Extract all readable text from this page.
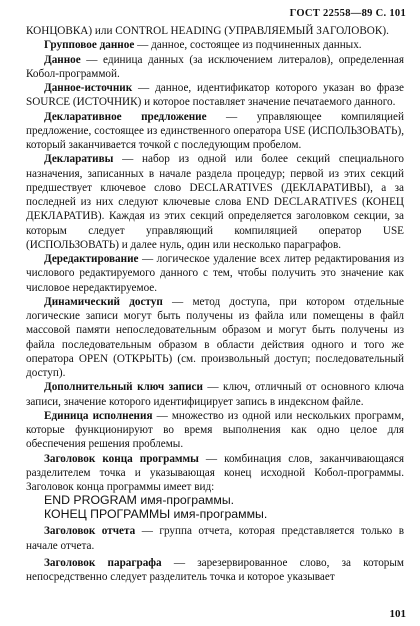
ГОСТ 22558—89 С. 101

КОНЦОВКА) или CONTROL HEADING (УПРАВЛЯЕМЫЙ ЗАГОЛОВОК).

Групповое данное — данное, состоящее из подчиненных данных.

Данное — единица данных (за исключением литералов), определенная Кобол-программой.

Данное-источник — данное, идентификатор которого указан во фразе SOURCE (ИСТОЧНИК) и которое поставляет значение печатаемого данного.

Декларативное предложение — управляющее компиляцией предложение, состоящее из единственного оператора USE (ИСПОЛЬЗОВАТЬ), который заканчивается точкой с последующим пробелом.

Декларативы — набор из одной или более секций специального назначения, записанных в начале раздела процедур; первой из этих секций предшествует ключевое слово DECLARATIVES (ДЕКЛАРАТИВЫ), а за последней из них следуют ключевые слова END DECLARATIVES (КОНЕЦ ДЕКЛАРАТИВ). Каждая из этих секций определяется заголовком секции, за которым следует управляющий компиляцией оператор USE (ИСПОЛЬЗОВАТЬ) и далее нуль, один или несколько параграфов.

Дередактирование — логическое удаление всех литер редактирования из числового редактируемого данного с тем, чтобы получить это значение как числовое нередактируемое.

Динамический доступ — метод доступа, при котором отдельные логические записи могут быть получены из файла или помещены в файл массовой памяти непоследовательным образом и могут быть получены из файла последовательным образом в области действия одного и того же оператора OPEN (ОТКРЫТЬ) (см. произвольный доступ; последовательный доступ).

Дополнительный ключ записи — ключ, отличный от основного ключа записи, значение которого идентифицирует запись в индексном файле.

Единица исполнения — множество из одной или нескольких программ, которые функционируют во время выполнения как одно целое для обеспечения решения проблемы.

Заголовок конца программы — комбинация слов, заканчивающаяся разделителем точка и указывающая конец исходной Кобол-программы. Заголовок конца программы имеет вид:

END PROGRAM имя-программы.

КОНЕЦ ПРОГРАММЫ имя-программы.

Заголовок отчета — группа отчета, которая представляется только в начале отчета.

Заголовок параграфа — зарезервированное слово, за которым непосредственно следует разделитель точка и которое указывает

101
